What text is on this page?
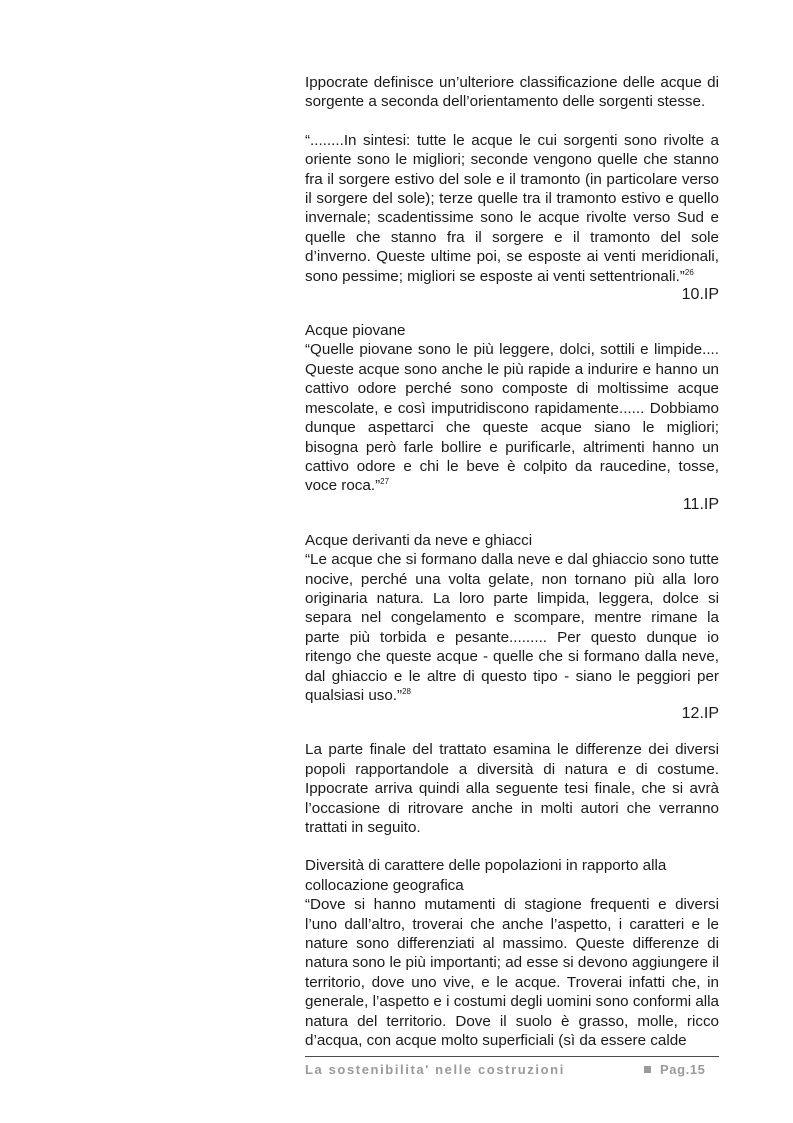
Ippocrate definisce un’ulteriore classificazione delle acque di sorgente a seconda dell’orientamento delle sorgenti stesse.

“........In sintesi: tutte le acque le cui sorgenti sono rivolte a oriente sono le migliori; seconde vengono quelle che stanno fra il sorgere estivo del sole e il tramonto (in particolare verso il sorgere del sole); terze quelle tra il tramonto estivo e quello invernale; scadentissime sono le acque rivolte verso Sud e quelle che stanno fra il sorgere e il tramonto del sole d’inverno. Queste ultime poi, se esposte ai venti meridionali, sono pessime; migliori se esposte ai venti settentrionali.”$^{26}$

10.IP

Acque piovane

“Quelle piovane sono le più leggere, dolci, sottili e limpide.... Queste acque sono anche le più rapide a indurire e hanno un cattivo odore perché sono composte di moltissime acque mescolate, e così imputridiscono rapidamente...... Dobbiamo dunque aspettarci che queste acque siano le migliori; bisogna però farle bollire e purificarle, altrimenti hanno un cattivo odore e chi le beve è colpito da raucedine, tosse, voce roca.”$^{27}$

11.IP

Acque derivanti da neve e ghiacci

“Le acque che si formano dalla neve e dal ghiaccio sono tutte nocive, perché una volta gelate, non tornano più alla loro originaria natura. La loro parte limpida, leggera, dolce si separa nel congelamento e scompare, mentre rimane la parte più torbida e pesante......... Per questo dunque io ritengo che queste acque - quelle che si formano dalla neve, dal ghiaccio e le altre di questo tipo - siano le peggiori per qualsiasi uso.”$^{28}$

12.IP

La parte finale del trattato esamina le differenze dei diversi popoli rapportandole a diversità di natura e di costume. Ippocrate arriva quindi alla seguente tesi finale, che si avrà l’occasione di ritrovare anche in molti autori che verranno trattati in seguito.

Diversità di carattere delle popolazioni in rapporto alla collocazione geografica

“Dove si hanno mutamenti di stagione frequenti e diversi l’uno dall’altro, troverai che anche l’aspetto, i caratteri e le nature sono differenziati al massimo. Queste differenze di natura sono le più importanti; ad esse si devono aggiungere il territorio, dove uno vive, e le acque. Troverai infatti che, in generale, l’aspetto e i costumi degli uomini sono conformi alla natura del territorio. Dove il suolo è grasso, molle, ricco d’acqua, con acque molto superficiali (sì da essere calde

La sostenibilita' nelle costruzioni	Pag.15
